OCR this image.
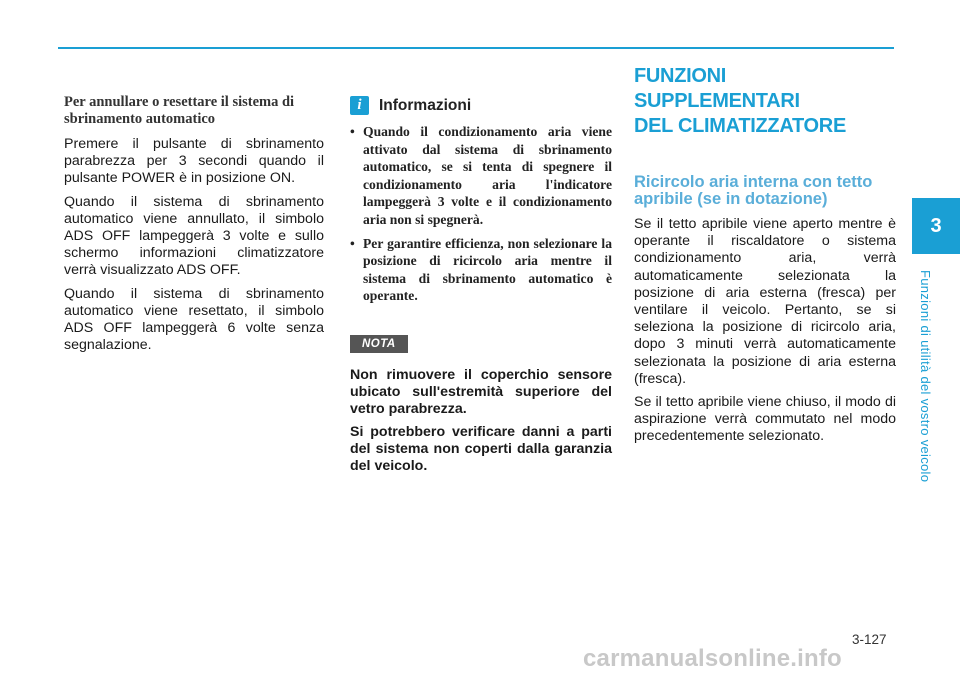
Per annullare o resettare il sistema di sbrinamento automatico

Premere il pulsante di sbrinamento parabrezza per 3 secondi quando il pulsante POWER è in posizione ON.

Quando il sistema di sbrinamento automatico viene annullato, il simbolo ADS OFF lampeggerà 3 volte e sullo schermo informazioni climatizzatore verrà visualizzato ADS OFF.

Quando il sistema di sbrinamento automatico viene resettato, il simbolo ADS OFF lampeggerà 6 volte senza segnalazione.

i	Informazioni
• Quando il condizionamento aria viene attivato dal sistema di sbrinamento automatico, se si tenta di spegnere il condizionamento aria l'indicatore lampeggerà 3 volte e il condizionamento aria non si spegnerà.
• Per garantire efficienza, non selezionare la posizione di ricircolo aria mentre il sistema di sbrinamento automatico è operante.
NOTA

Non rimuovere il coperchio sensore ubicato sull'estremità superiore del vetro parabrezza.

Si potrebbero verificare danni a parti del sistema non coperti dalla garanzia del veicolo.

FUNZIONI SUPPLEMENTARI

DEL CLIMATIZZATORE

Ricircolo aria interna con tetto apribile (se in dotazione)

Se il tetto apribile viene aperto mentre è operante il riscaldatore o sistema condizionamento aria, verrà automaticamente selezionata la posizione di aria esterna (fresca) per ventilare il veicolo. Pertanto, se si seleziona la posizione di ricircolo aria, dopo 3 minuti verrà automaticamente selezionata la posizione di aria esterna (fresca).

Se il tetto apribile viene chiuso, il modo di aspirazione verrà commutato nel modo precedentemente selezionato.

3
Funzioni di utilità del vostro veicolo
3-127
carmanualsonline.info
